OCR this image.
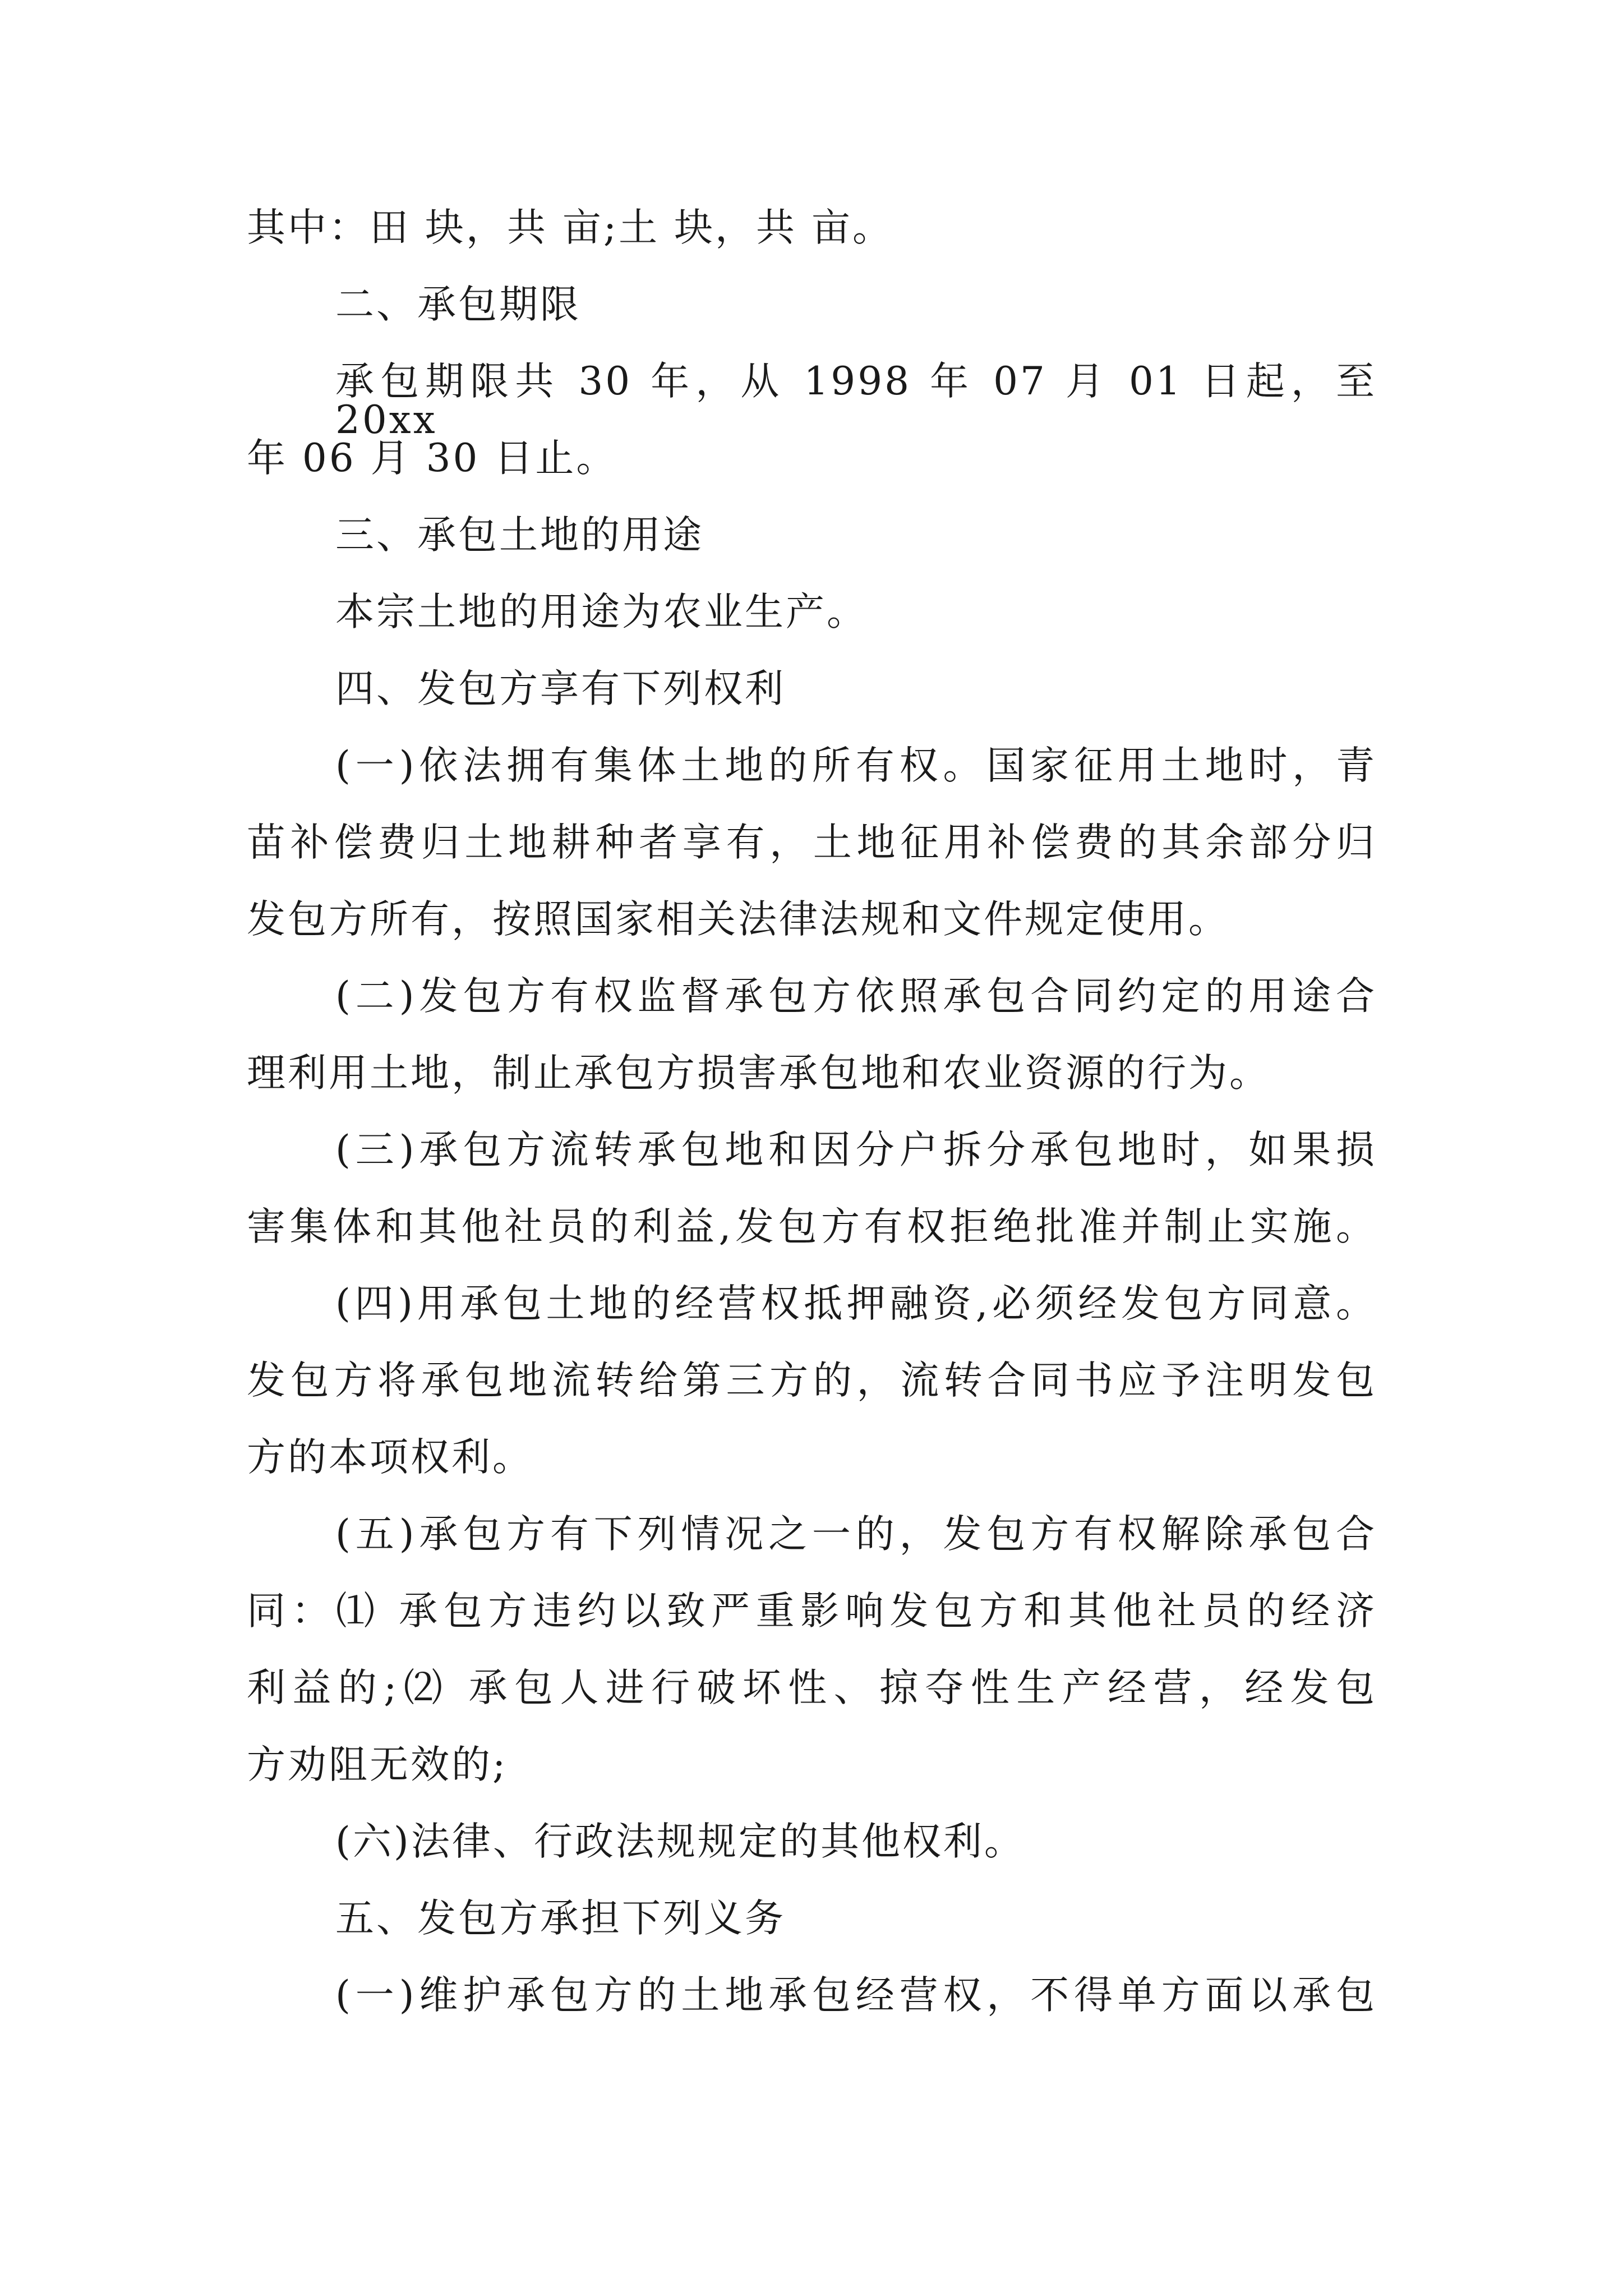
其中：田 块，共 亩;土 块，共 亩。
二、承包期限
承包期限共 30 年，从 1998 年 07 月 01 日起，至 20xx
年 06 月 30 日止。
三、承包土地的用途
本宗土地的用途为农业生产。
四、发包方享有下列权利
(一)依法拥有集体土地的所有权。国家征用土地时，青
苗补偿费归土地耕种者享有，土地征用补偿费的其余部分归
发包方所有，按照国家相关法律法规和文件规定使用。
(二)发包方有权监督承包方依照承包合同约定的用途合
理利用土地，制止承包方损害承包地和农业资源的行为。
(三)承包方流转承包地和因分户拆分承包地时，如果损
害集体和其他社员的利益,发包方有权拒绝批准并制止实施。
(四)用承包土地的经营权抵押融资,必须经发包方同意。
发包方将承包地流转给第三方的，流转合同书应予注明发包
方的本项权利。
(五)承包方有下列情况之一的，发包方有权解除承包合
同：⑴ 承包方违约以致严重影响发包方和其他社员的经济
利益的;⑵ 承包人进行破坏性、掠夺性生产经营，经发包
方劝阻无效的;
(六)法律、行政法规规定的其他权利。
五、发包方承担下列义务
(一)维护承包方的土地承包经营权，不得单方面以承包
